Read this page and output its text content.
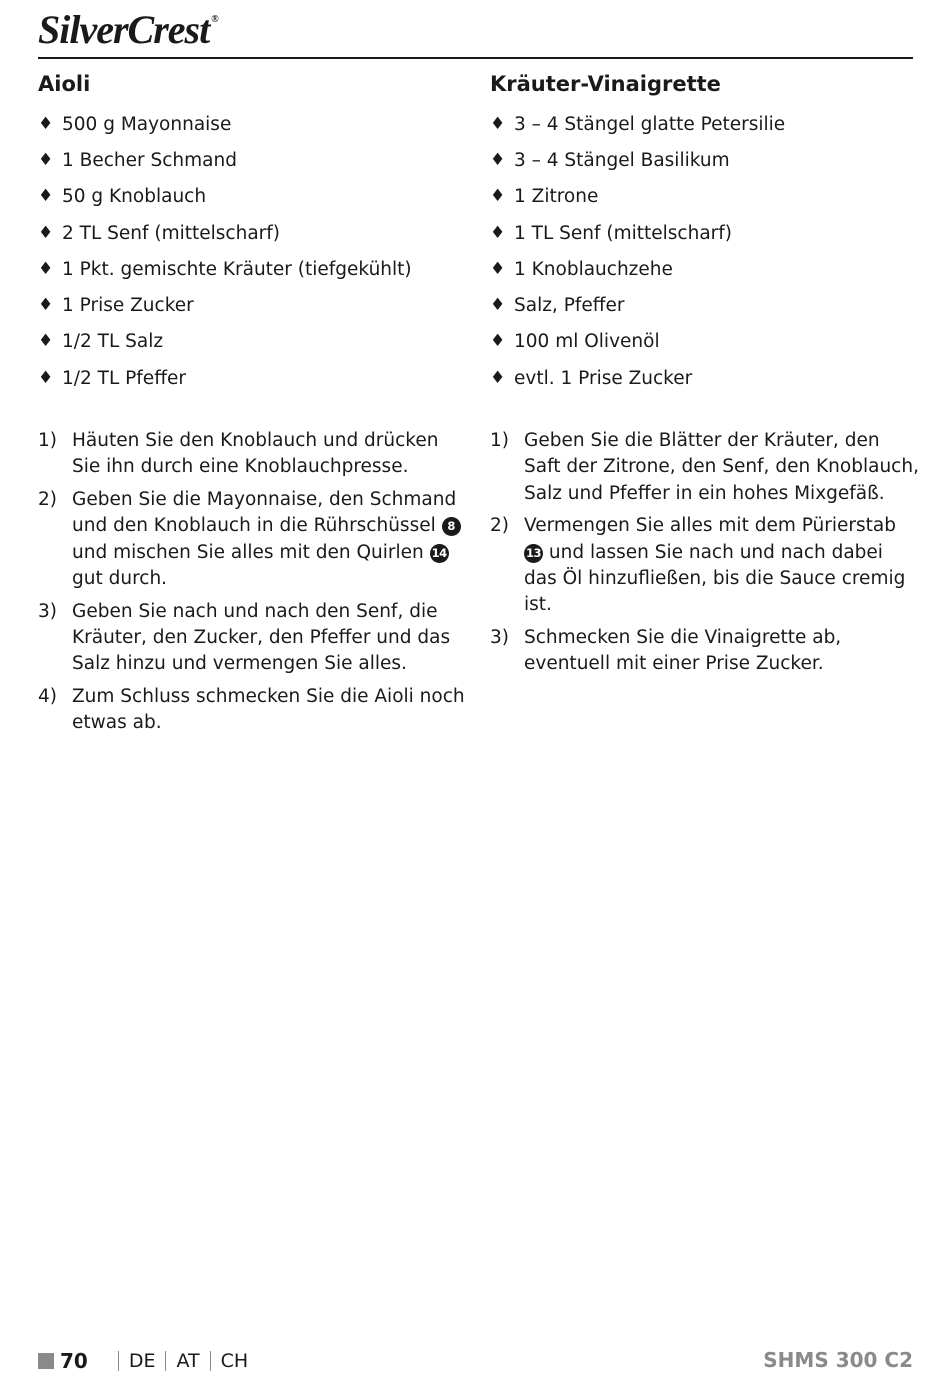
SilverCrest ®
Aioli
♦ 500 g Mayonnaise
♦ 1 Becher Schmand
♦ 50 g Knoblauch
♦ 2 TL Senf (mittelscharf)
♦ 1 Pkt. gemischte Kräuter (tiefgekühlt)
♦ 1 Prise Zucker
♦ 1/2 TL Salz
♦ 1/2 TL Pfeffer
1) Häuten Sie den Knoblauch und drücken Sie ihn durch eine Knoblauchpresse.
2) Geben Sie die Mayonnaise, den Schmand und den Knoblauch in die Rührschüssel 8 und mischen Sie alles mit den Quirlen 14 gut durch.
3) Geben Sie nach und nach den Senf, die Kräuter, den Zucker, den Pfeffer und das Salz hinzu und vermengen Sie alles.
4) Zum Schluss schmecken Sie die Aioli noch etwas ab.
Kräuter-Vinaigrette
♦ 3 – 4 Stängel glatte Petersilie
♦ 3 – 4 Stängel Basilikum
♦ 1 Zitrone
♦ 1 TL Senf (mittelscharf)
♦ 1 Knoblauchzehe
♦ Salz, Pfeffer
♦ 100 ml Olivenöl
♦ evtl. 1 Prise Zucker
1) Geben Sie die Blätter der Kräuter, den Saft der Zitrone, den Senf, den Knoblauch, Salz und Pfeffer in ein hohes Mixgefäß.
2) Vermengen Sie alles mit dem Pürierstab 13 und lassen Sie nach und nach dabei das Öl hinzufließen, bis die Sauce cremig ist.
3) Schmecken Sie die Vinaigrette ab, eventuell mit einer Prise Zucker.
70 DE AT CH	SHMS 300 C2
